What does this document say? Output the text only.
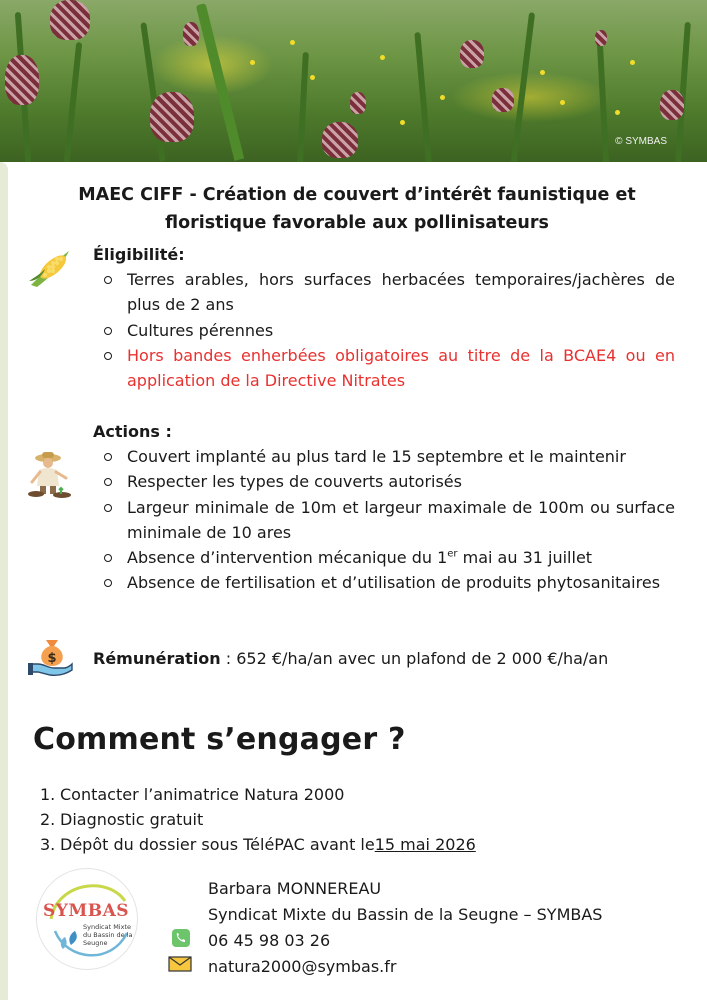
© SYMBAS
MAEC CIFF - Création de couvert d’intérêt faunistique et
floristique favorable aux pollinisateurs
Éligibilité:
Terres arables, hors surfaces herbacées temporaires/jachères de plus de 2 ans
Cultures pérennes
Hors bandes enherbées obligatoires au titre de la BCAE4 ou en application de la Directive Nitrates
Actions :
Couvert implanté au plus tard le 15 septembre et le maintenir
Respecter les types de couverts autorisés
Largeur minimale de 10m et largeur maximale de 100m ou surface minimale de 10 ares
Absence d’intervention mécanique du 1er mai au 31 juillet
Absence de fertilisation et d’utilisation de produits phytosanitaires
$ Rémunération : 652 €/ha/an avec un plafond de 2 000 €/ha/an
Comment s’engager ?
1. Contacter l’animatrice Natura 2000
2. Diagnostic gratuit
3. Dépôt du dossier sous TéléPAC avant le 15 mai 2026
SYMBAS
Syndicat Mixte du Bassin de la Seugne
Barbara MONNEREAU
Syndicat Mixte du Bassin de la Seugne – SYMBAS
06 45 98 03 26
natura2000@symbas.fr
